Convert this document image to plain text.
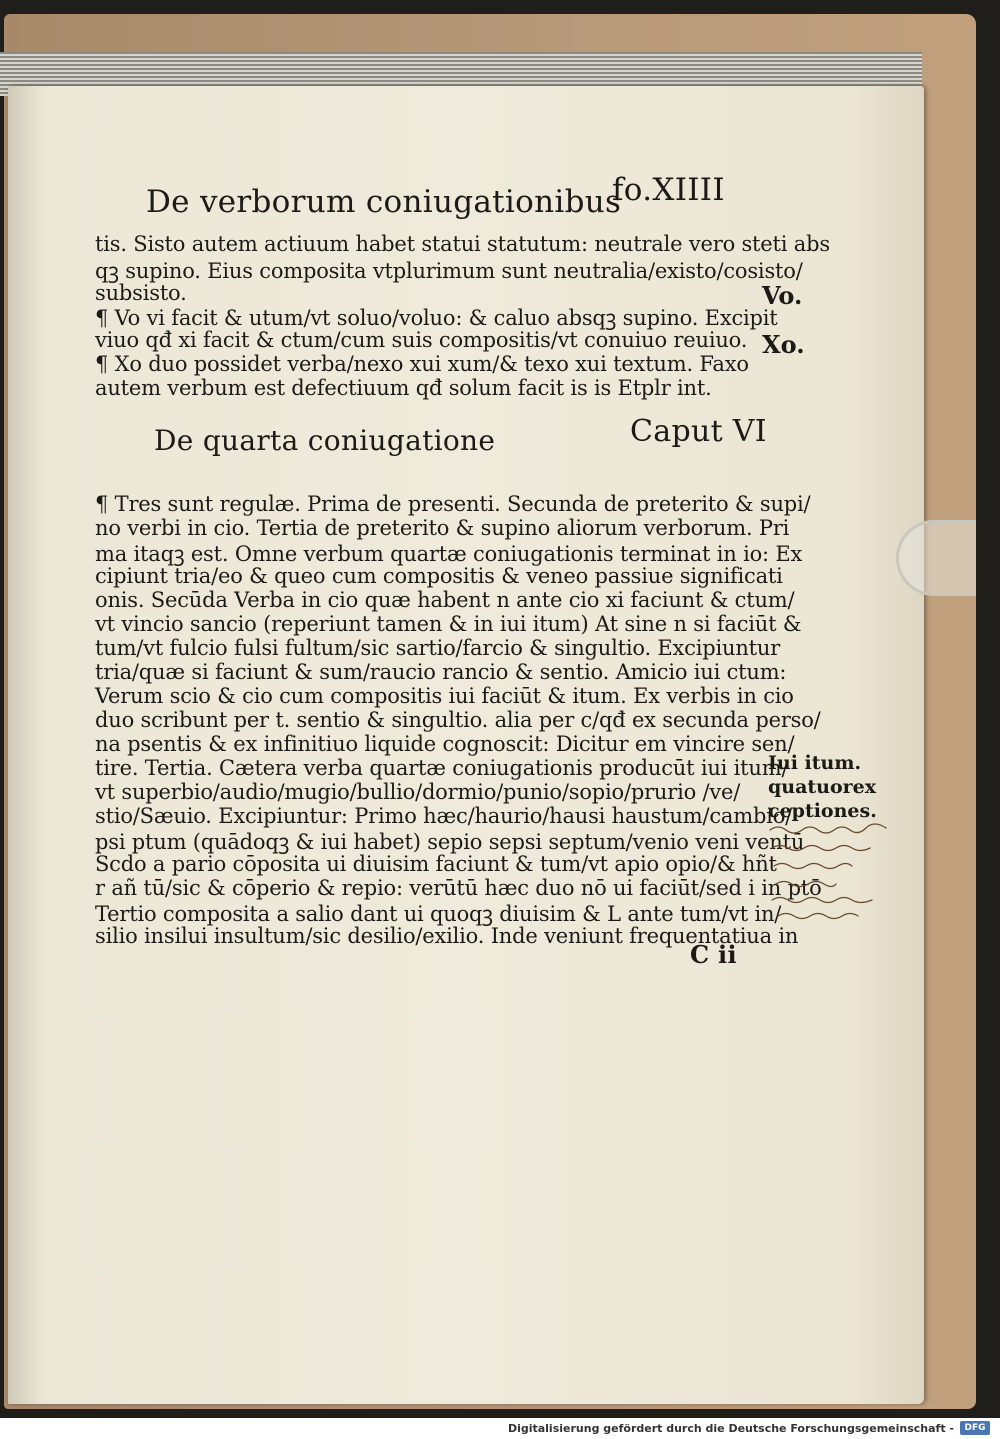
De verborum coniugationibus
fo.XIIII
tis. Sisto autem actiuum habet statui statutum: neutrale vero steti abs
qꝫ supino. Eius composita vtplurimum sunt neutralia/existo/cosisto/
subsisto.
¶ Vo vi facit & utum/vt soluo/voluo: & caluo absqꝫ supino. Excipit
viuo qđ xi facit & ctum/cum suis compositis/vt conuiuo reuiuo.
¶ Xo duo possidet verba/nexo xui xum/& texo xui textum. Faxo
autem verbum est defectiuum qđ solum facit is is Etplr int.
Vo.
Xo.
De quarta coniugatione	Caput VI
¶ Tres sunt regulæ. Prima de presenti. Secunda de preterito & supi/
no verbi in cio. Tertia de preterito & supino aliorum verborum. Pri
ma itaqꝫ est. Omne verbum quartæ coniugationis terminat in io: Ex
cipiunt tria/eo & queo cum compositis & veneo passiue significati
onis. Secūda Verba in cio quæ habent n ante cio xi faciunt & ctum/
vt vincio sancio (reperiunt tamen & in iui itum) At sine n si faciūt &
tum/vt fulcio fulsi fultum/sic sartio/farcio & singultio. Excipiuntur
tria/quæ si faciunt & sum/raucio rancio & sentio. Amicio iui ctum:
Verum scio & cio cum compositis iui faciūt & itum. Ex verbis in cio
duo scribunt per t. sentio & singultio. alia per c/qđ ex secunda perso/
na psentis & ex infinitiuo liquide cognoscit: Dicitur em vincire sen/
tire. Tertia. Cætera verba quartæ coniugationis producūt iui itum/
vt superbio/audio/mugio/bullio/dormio/punio/sopio/prurio /ve/
stio/Sæuio. Excipiuntur: Primo hæc/haurio/hausi haustum/cambio/
psi ptum (quādoqꝫ & iui habet) sepio sepsi septum/venio veni ventū
Scdo a pario cōposita ui diuisim faciunt & tum/vt apio opio/& hñt
r añ tū/sic & cōperio & repio: verūtū hæc duo nō ui faciūt/sed i in ptō
Tertio composita a salio dant ui quoqꝫ diuisim & L ante tum/vt in/
silio insilui insultum/sic desilio/exilio. Inde veniunt frequentatiua in
Iui itum.
quatuorex
ceptiones.
C ii
Digitalisierung gefördert durch die Deutsche Forschungsgemeinschaft -	DFG
